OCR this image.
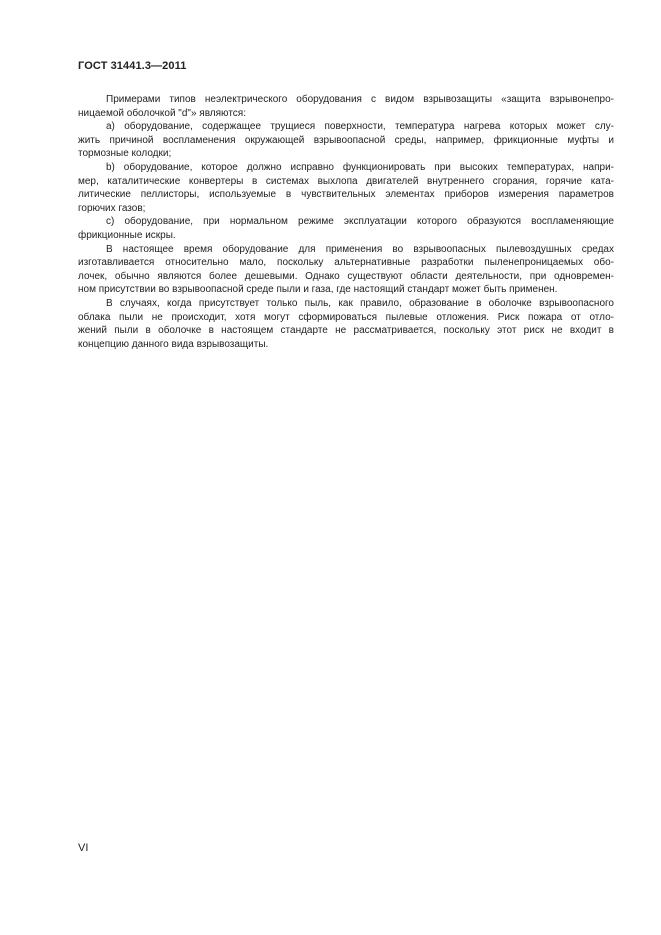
ГОСТ 31441.3—2011
Примерами типов неэлектрического оборудования с видом взрывозащиты «защита взрывонепро-
ницаемой оболочкой "d"» являются:
a) оборудование, содержащее трущиеся поверхности, температура нагрева которых может слу-
жить причиной воспламенения окружающей взрывоопасной среды, например, фрикционные муфты и
тормозные колодки;
b) оборудование, которое должно исправно функционировать при высоких температурах, напри-
мер, каталитические конвертеры в системах выхлопа двигателей внутреннего сгорания, горячие ката-
литические пеллисторы, используемые в чувствительных элементах приборов измерения параметров
горючих газов;
c) оборудование, при нормальном режиме эксплуатации которого образуются воспламеняющие
фрикционные искры.
В настоящее время оборудование для применения во взрывоопасных пылевоздушных средах
изготавливается относительно мало, поскольку альтернативные разработки пыленепроницаемых обо-
лочек, обычно являются более дешевыми. Однако существуют области деятельности, при одновремен-
ном присутствии во взрывоопасной среде пыли и газа, где настоящий стандарт может быть применен.
В случаях, когда присутствует только пыль, как правило, образование в оболочке взрывоопасного
облака пыли не происходит, хотя могут сформироваться пылевые отложения. Риск пожара от отло-
жений пыли в оболочке в настоящем стандарте не рассматривается, поскольку этот риск не входит в
концепцию данного вида взрывозащиты.
VI
